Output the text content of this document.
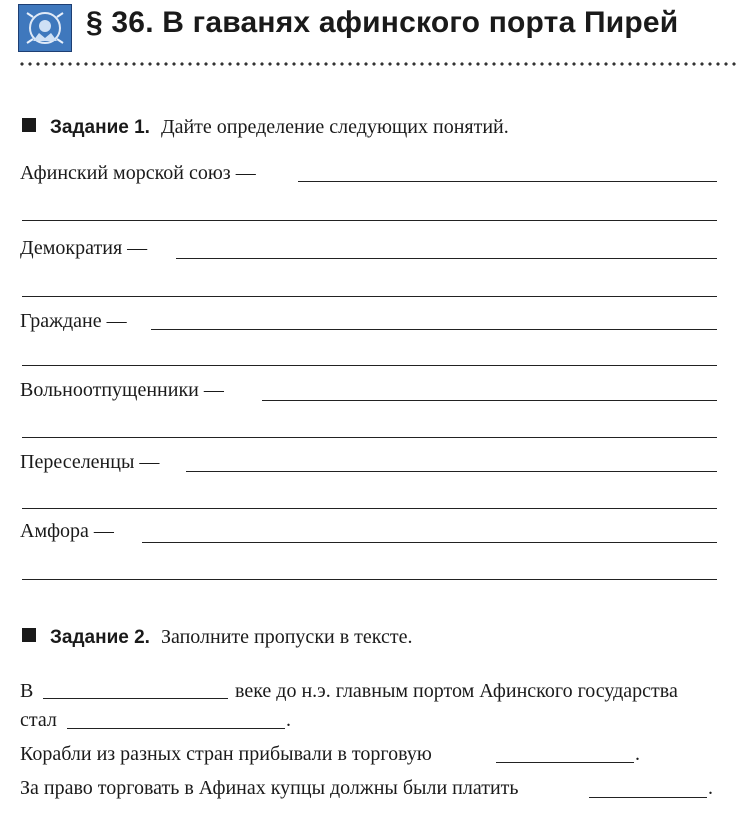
§ 36. В гаванях афинского порта Пирей
Задание 1. Дайте определение следующих понятий.
Афинский морской союз —
Демократия —
Граждане —
Вольноотпущенники —
Переселенцы —
Амфора —
Задание 2. Заполните пропуски в тексте.
В	веке до н.э. главным портом Афинского государства
стал	.
Корабли из разных стран прибывали в торговую	.
За право торговать в Афинах купцы должны были платить	.
